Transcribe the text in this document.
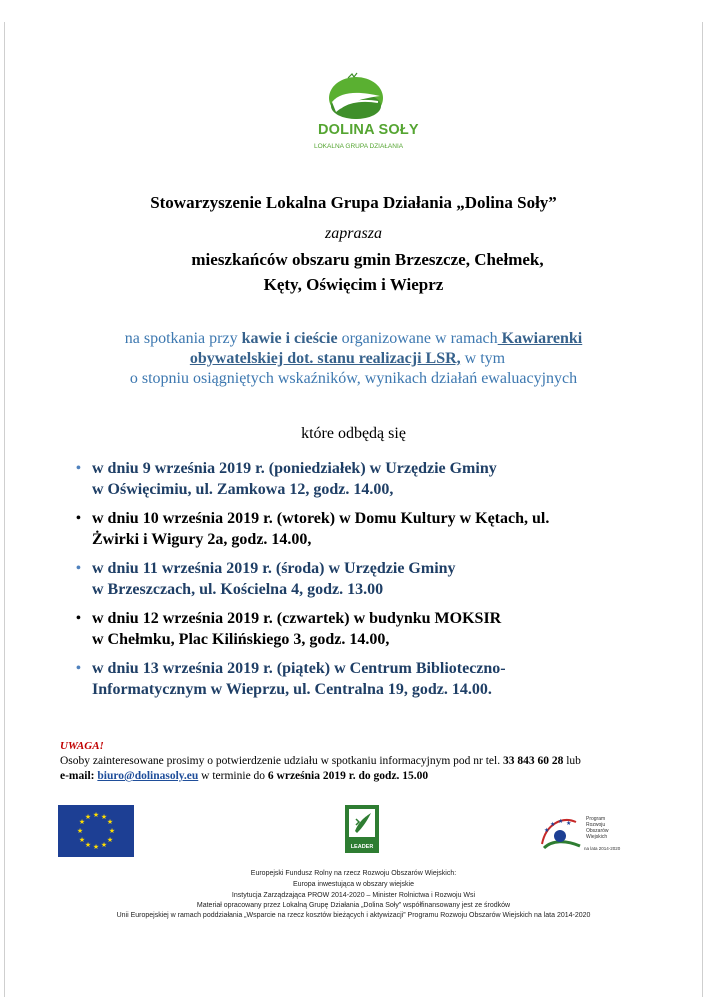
DOLINA SOŁY
LOKALNA GRUPA DZIAŁANIA
Stowarzyszenie Lokalna Grupa Działania „Dolina Soły”
zaprasza
mieszkańców obszaru gmin Brzeszcze, Chełmek,
Kęty, Oświęcim i Wieprz
na spotkania przy kawie i cieście organizowane w ramach Kawiarenki
obywatelskiej dot. stanu realizacji LSR, w tym
o stopniu osiągniętych wskaźników, wynikach działań ewaluacyjnych
które odbędą się
• w dniu 9 września 2019 r. (poniedziałek) w Urzędzie Gminy
w Oświęcimiu, ul. Zamkowa 12, godz. 14.00,
• w dniu 10 września 2019 r. (wtorek) w Domu Kultury w Kętach, ul.
Żwirki i Wigury 2a, godz. 14.00,
• w dniu 11 września 2019 r. (środa) w Urzędzie Gminy
w Brzeszczach, ul. Kościelna 4, godz. 13.00
• w dniu 12 września 2019 r. (czwartek) w budynku MOKSIR
w Chełmku, Plac Kilińskiego 3, godz. 14.00,
• w dniu 13 września 2019 r. (piątek) w Centrum Biblioteczno-
Informatycznym w Wieprzu, ul. Centralna 19, godz. 14.00.
UWAGA!
Osoby zainteresowane prosimy o potwierdzenie udziału w spotkaniu informacyjnym pod nr tel. 33 843 60 28 lub
e-mail: biuro@dolinasoly.eu w terminie do 6 września 2019 r. do godz. 15.00
★ ★
★
★
★
★
★
★
★
★
★
★
LEADER
★
★ ★ ★
Program
Rozwoju
Obszarów
Wiejskich
na lata 2014-2020
Europejski Fundusz Rolny na rzecz Rozwoju Obszarów Wiejskich:
Europa inwestująca w obszary wiejskie
Instytucja Zarządzająca PROW 2014-2020 – Minister Rolnictwa i Rozwoju Wsi
Materiał opracowany przez Lokalną Grupę Działania „Dolina Soły” współfinansowany jest ze środków
Unii Europejskiej w ramach poddziałania „Wsparcie na rzecz kosztów bieżących i aktywizacji” Programu Rozwoju Obszarów Wiejskich na lata 2014-2020
